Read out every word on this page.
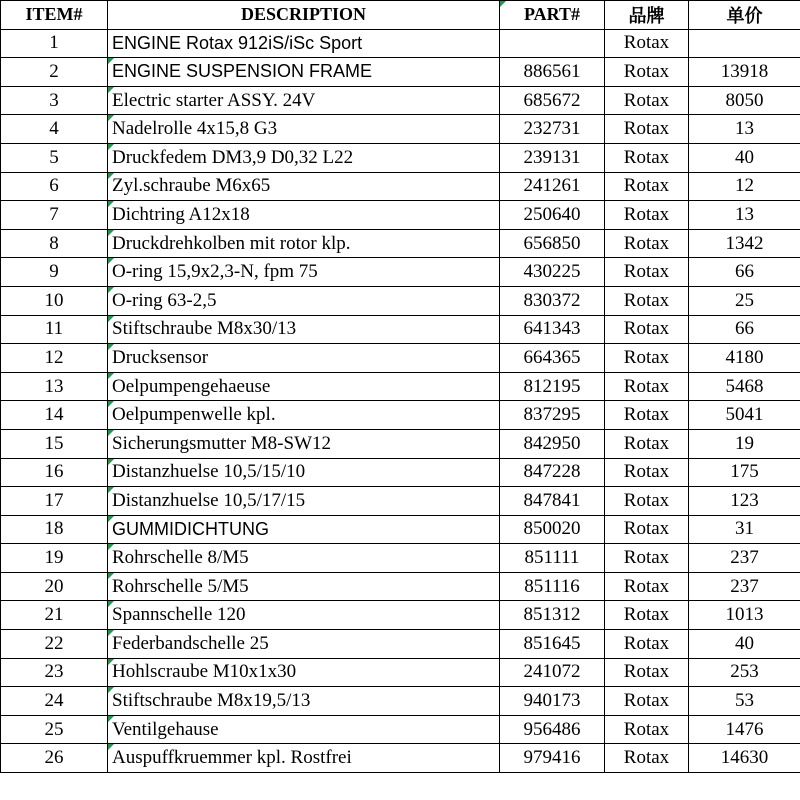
ITEM#	DESCRIPTION	PART#	品牌	单价
1	ENGINE Rotax 912iS/iSc Sport		Rotax	
2	ENGINE SUSPENSION FRAME	886561	Rotax	13918
3	Electric starter ASSY. 24V	685672	Rotax	8050
4	Nadelrolle 4x15,8 G3	232731	Rotax	13
5	Druckfedem DM3,9 D0,32 L22	239131	Rotax	40
6	Zyl.schraube M6x65	241261	Rotax	12
7	Dichtring A12x18	250640	Rotax	13
8	Druckdrehkolben mit rotor klp.	656850	Rotax	1342
9	O-ring 15,9x2,3-N, fpm 75	430225	Rotax	66
10	O-ring 63-2,5	830372	Rotax	25
11	Stiftschraube M8x30/13	641343	Rotax	66
12	Drucksensor	664365	Rotax	4180
13	Oelpumpengehaeuse	812195	Rotax	5468
14	Oelpumpenwelle kpl.	837295	Rotax	5041
15	Sicherungsmutter M8-SW12	842950	Rotax	19
16	Distanzhuelse 10,5/15/10	847228	Rotax	175
17	Distanzhuelse 10,5/17/15	847841	Rotax	123
18	GUMMIDICHTUNG	850020	Rotax	31
19	Rohrschelle 8/M5	851111	Rotax	237
20	Rohrschelle 5/M5	851116	Rotax	237
21	Spannschelle 120	851312	Rotax	1013
22	Federbandschelle 25	851645	Rotax	40
23	Hohlscraube M10x1x30	241072	Rotax	253
24	Stiftschraube M8x19,5/13	940173	Rotax	53
25	Ventilgehause	956486	Rotax	1476
26	Auspuffkruemmer kpl. Rostfrei	979416	Rotax	14630
